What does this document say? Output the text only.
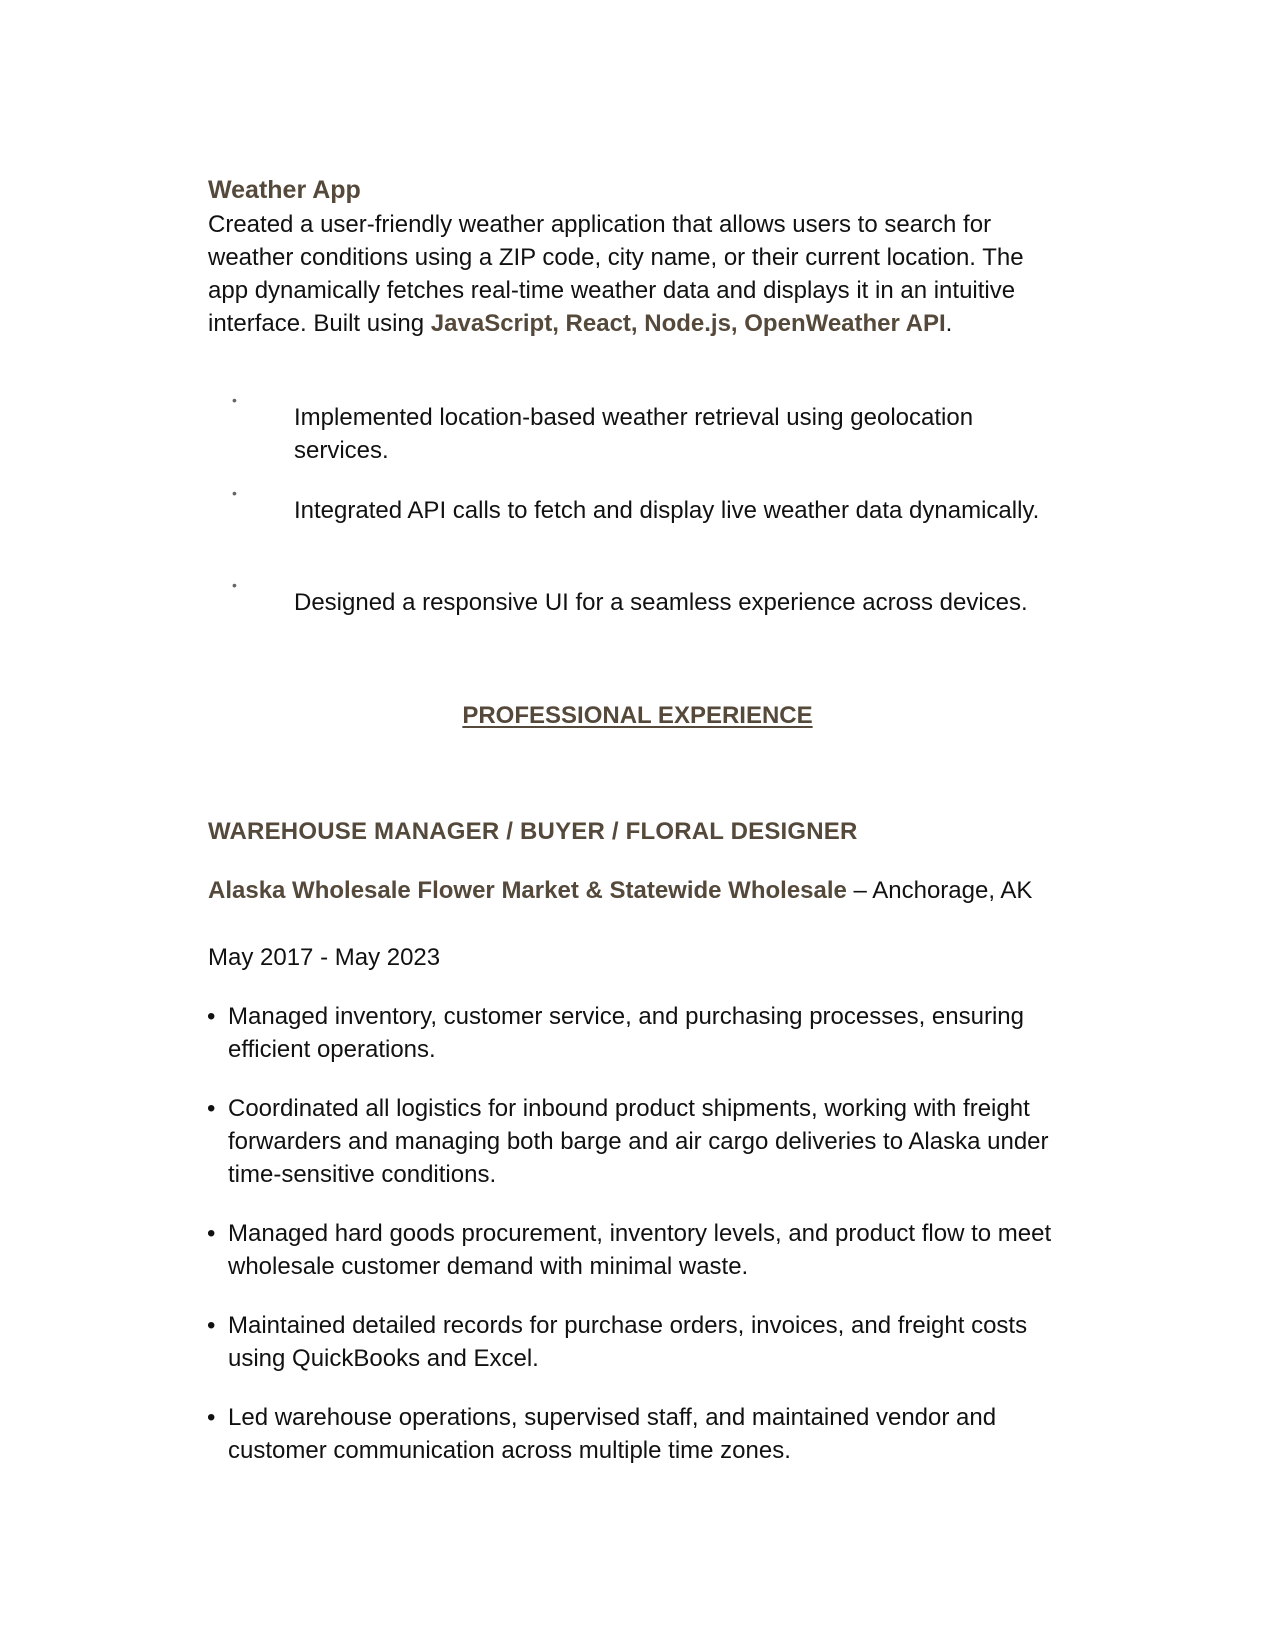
Weather App

Created a user-friendly weather application that allows users to search for weather conditions using a ZIP code, city name, or their current location. The app dynamically fetches real-time weather data and displays it in an intuitive interface. Built using JavaScript, React, Node.js, OpenWeather API.

•

Implemented location-based weather retrieval using geolocation services.

•

Integrated API calls to fetch and display live weather data dynamically.

•

Designed a responsive UI for a seamless experience across devices.

PROFESSIONAL EXPERIENCE
WAREHOUSE MANAGER / BUYER / FLORAL DESIGNER

Alaska Wholesale Flower Market & Statewide Wholesale – Anchorage, AK

May 2017 - May 2023

• Managed inventory, customer service, and purchasing processes, ensuring efficient operations.

• Coordinated all logistics for inbound product shipments, working with freight forwarders and managing both barge and air cargo deliveries to Alaska under time-sensitive conditions.

• Managed hard goods procurement, inventory levels, and product flow to meet wholesale customer demand with minimal waste.

• Maintained detailed records for purchase orders, invoices, and freight costs using QuickBooks and Excel.

• Led warehouse operations, supervised staff, and maintained vendor and customer communication across multiple time zones.
